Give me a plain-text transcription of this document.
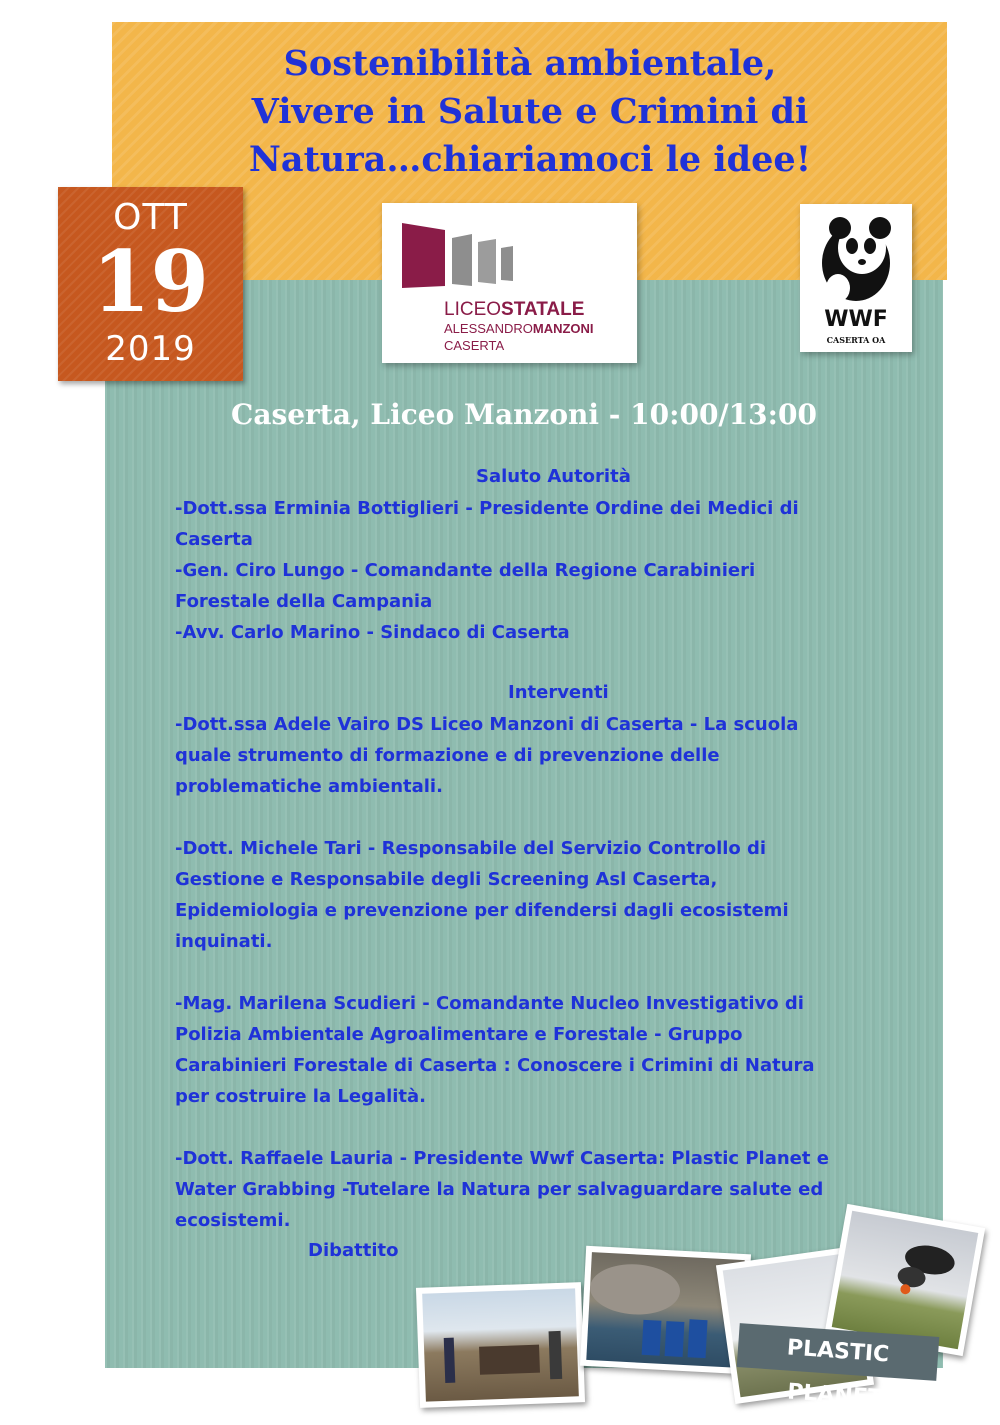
Sostenibilità ambientale,
Vivere in Salute e Crimini di
Natura…chiariamoci le idee!
OTT
19
2019
LICEOSTATALE
ALESSANDROMANZONI
CASERTA
WWF
CASERTA OA
Caserta, Liceo Manzoni - 10:00/13:00
Saluto Autorità
-Dott.ssa Erminia Bottiglieri - Presidente Ordine dei Medici di
Caserta
-Gen. Ciro Lungo - Comandante della Regione Carabinieri
Forestale della Campania
-Avv. Carlo Marino - Sindaco di Caserta
Interventi
-Dott.ssa Adele Vairo DS Liceo Manzoni di Caserta - La scuola
quale strumento di formazione e di prevenzione delle
problematiche ambientali.

-Dott. Michele Tari - Responsabile del Servizio Controllo di
Gestione e Responsabile degli Screening Asl Caserta,
Epidemiologia e prevenzione per difendersi dagli ecosistemi
inquinati.

-Mag. Marilena Scudieri - Comandante Nucleo Investigativo di
Polizia Ambientale Agroalimentare e Forestale - Gruppo
Carabinieri Forestale di Caserta : Conoscere i Crimini di Natura
per costruire la Legalità.

-Dott. Raffaele Lauria - Presidente Wwf Caserta: Plastic Planet e
Water Grabbing -Tutelare la Natura per salvaguardare salute ed
ecosistemi.
Dibattito
PLASTIC PLANET
